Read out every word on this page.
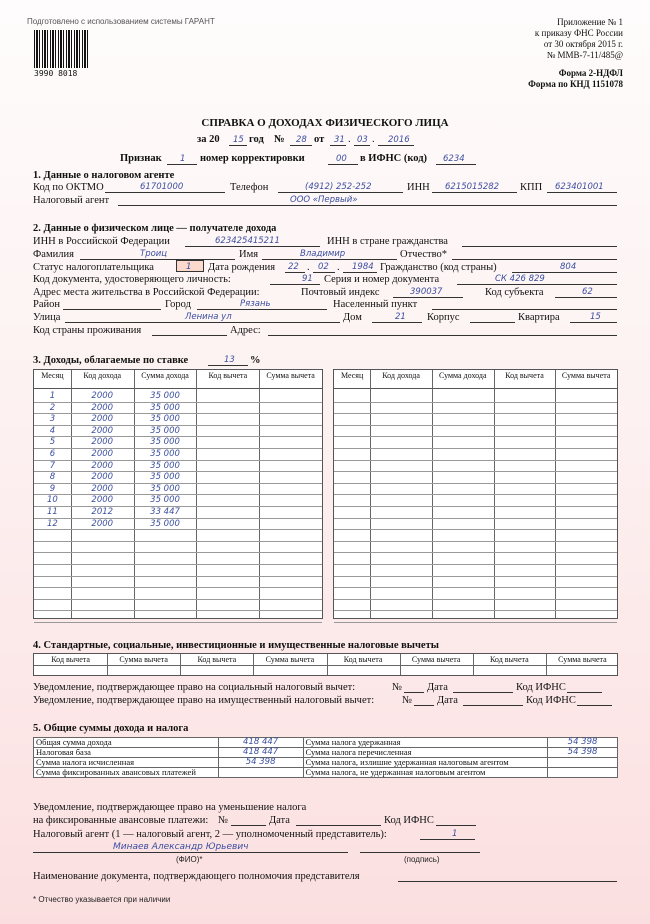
Подготовлено с использованием системы ГАРАНТ
3990 8018
Приложение № 1
к приказу ФНС России
от 30 октября 2015 г.
№ ММВ-7-11/485@
Форма 2-НДФЛ
Форма по КНД 1151078
СПРАВКА О ДОХОДАХ ФИЗИЧЕСКОГО ЛИЦА
за 20 15 год № 28 от 31 . 03 . 2016
Признак 1 номер корректировки	00 в ИФНС (код) 6234
1. Данные о налоговом агенте
Код по ОКТМО	61701000	Телефон	(4912) 252-252	ИНН 6215015282 КПП 623401001
Налоговый агент	ООО «Первый»
2. Данные о физическом лице — получателе дохода
ИНН в Российской Федерации	623425415211	ИНН в стране гражданства
Фамилия	Троиц	Имя	Владимир	Отчество*
Статус налогоплательщика	1 Дата рождения 22 . 02 . 1984 Гражданство (код страны)	804
Код документа, удостоверяющего личность:	91 Серия и номер документа	СК 426 829
Адрес места жительства в Российской Федерации:	Почтовый индекс	390037	Код субъекта	62
Район	Город	Рязань	Населенный пункт
Улица	Ленина ул	Дом	21 Корпус	Квартира	15
Код страны проживания	Адрес:
3. Доходы, облагаемые по ставке	13 %
Месяц	Код дохода	Сумма дохода	Код вычета	Сумма вычета
1	2000	35 000
2	2000	35 000
3	2000	35 000
4	2000	35 000
5	2000	35 000
6	2000	35 000
7	2000	35 000
8	2000	35 000
9	2000	35 000
10	2000	35 000
11	2012	33 447
12	2000	35 000
Месяц	Код дохода	Сумма дохода	Код вычета	Сумма вычета
4. Стандартные, социальные, инвестиционные и имущественные налоговые вычеты
Код вычета	Сумма вычета	Код вычета	Сумма вычета	Код вычета	Сумма вычета	Код вычета	Сумма вычета
Уведомление, подтверждающее право на социальный налоговый вычет:	№ Дата	Код ИФНС
Уведомление, подтверждающее право на имущественный налоговый вычет:	№ Дата	Код ИФНС
5. Общие суммы дохода и налога
Общая сумма дохода	418 447	Сумма налога удержанная	54 398
Налоговая база	418 447	Сумма налога перечисленная	54 398
Сумма налога исчисленная	54 398	Сумма налога, излишне удержанная налоговым агентом	
Сумма фиксированных авансовых платежей		Сумма налога, не удержанная налоговым агентом	
Уведомление, подтверждающее право на уменьшение налога
на фиксированные авансовые платежи: №	Дата	Код ИФНС
Налоговый агент (1 — налоговый агент, 2 — уполномоченный представитель):	1
Минаев Александр Юрьевич
(ФИО)*	(подпись)
Наименование документа, подтверждающего полномочия представителя
* Отчество указывается при наличии
